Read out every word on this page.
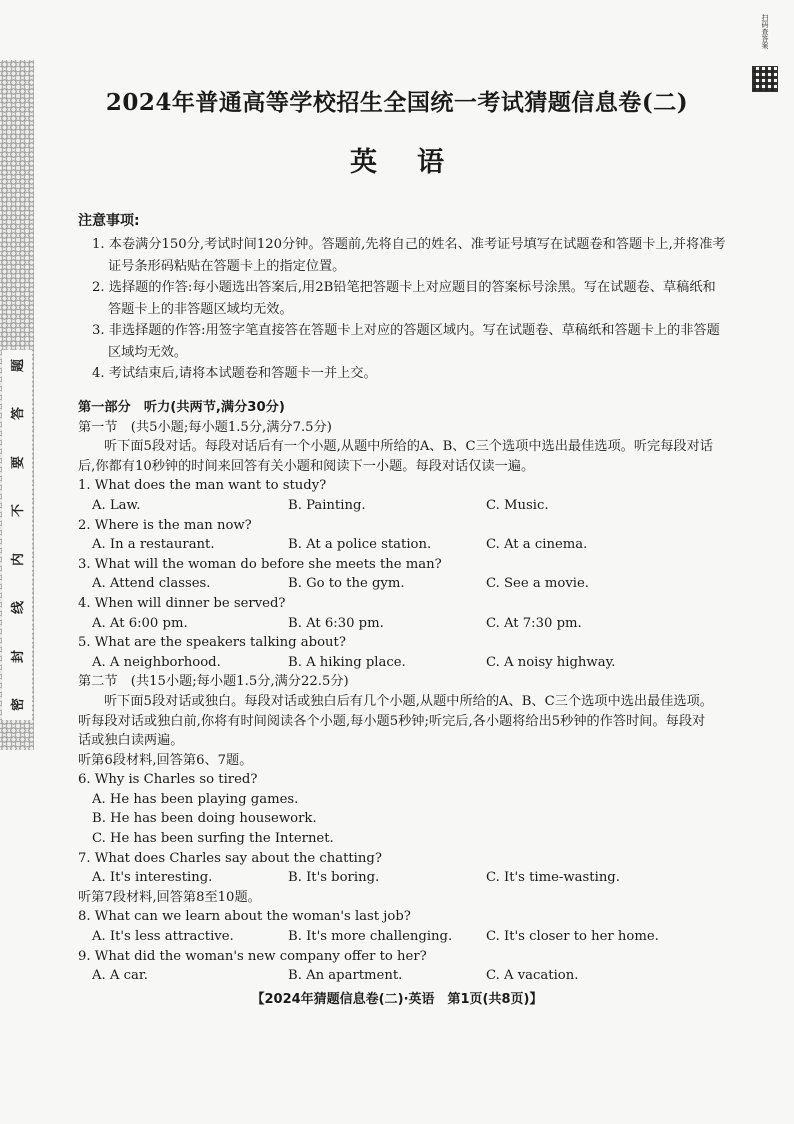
题
答
要
不
内
线
封
密
扫码查答案
2024年普通高等学校招生全国统一考试猜题信息卷(二)
英语
注意事项:
1. 本卷满分150分,考试时间120分钟。答题前,先将自己的姓名、准考证号填写在试题卷和答题卡上,并将准考证号条形码粘贴在答题卡上的指定位置。
2. 选择题的作答:每小题选出答案后,用2B铅笔把答题卡上对应题目的答案标号涂黑。写在试题卷、草稿纸和答题卡上的非答题区域均无效。
3. 非选择题的作答:用签字笔直接答在答题卡上对应的答题区域内。写在试题卷、草稿纸和答题卡上的非答题区域均无效。
4. 考试结束后,请将本试题卷和答题卡一并上交。
第一部分　听力(共两节,满分30分)
第一节　(共5小题;每小题1.5分,满分7.5分)
听下面5段对话。每段对话后有一个小题,从题中所给的A、B、C三个选项中选出最佳选项。听完每段对话后,你都有10秒钟的时间来回答有关小题和阅读下一小题。每段对话仅读一遍。
1. What does the man want to study?
A. Law.	B. Painting.	C. Music.
2. Where is the man now?
A. In a restaurant.	B. At a police station.	C. At a cinema.
3. What will the woman do before she meets the man?
A. Attend classes.	B. Go to the gym.	C. See a movie.
4. When will dinner be served?
A. At 6:00 pm.	B. At 6:30 pm.	C. At 7:30 pm.
5. What are the speakers talking about?
A. A neighborhood.	B. A hiking place.	C. A noisy highway.
第二节　(共15小题;每小题1.5分,满分22.5分)
听下面5段对话或独白。每段对话或独白后有几个小题,从题中所给的A、B、C三个选项中选出最佳选项。听每段对话或独白前,你将有时间阅读各个小题,每小题5秒钟;听完后,各小题将给出5秒钟的作答时间。每段对话或独白读两遍。
听第6段材料,回答第6、7题。
6. Why is Charles so tired?
A. He has been playing games.
B. He has been doing housework.
C. He has been surfing the Internet.
7. What does Charles say about the chatting?
A. It's interesting.	B. It's boring.	C. It's time-wasting.
听第7段材料,回答第8至10题。
8. What can we learn about the woman's last job?
A. It's less attractive.	B. It's more challenging.	C. It's closer to her home.
9. What did the woman's new company offer to her?
A. A car.	B. An apartment.	C. A vacation.
【2024年猜题信息卷(二)·英语　第1页(共8页)】
